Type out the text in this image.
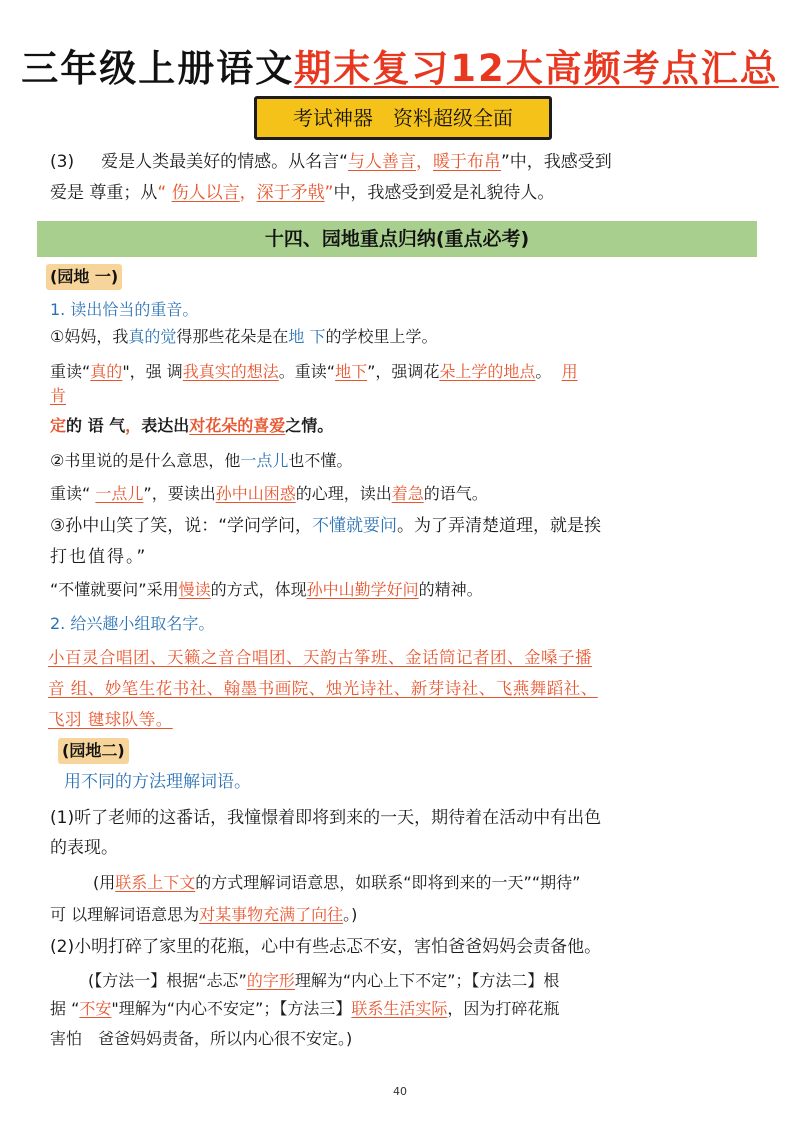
三年级上册语文期末复习12大高频考点汇总
考试神器　资料超级全面
(3) 爱是人类最美好的情感。从名言“与人善言，暖于布帛”中，我感受到
爱是 尊重；从“ 伤人以言，深于矛戟”中，我感受到爱是礼貌待人。
十四、园地重点归纳(重点必考)
(园地 一)
1. 读出恰当的重音。
①妈妈，我真的觉得那些花朵是在地 下的学校里上学。
重读“真的"，强 调我真实的想法。重读“地下”，强调花朵上学的地点。 用
肯
定的 语 气，表达出对花朵的喜爱之情。
②书里说的是什么意思，他一点儿也不懂。
重读“ 一点儿”，要读出孙中山困惑的心理，读出着急的语气。
③孙中山笑了笑，说：“学问学问，不懂就要问。为了弄清楚道理，就是挨
打也值得。”
“不懂就要问”采用慢读的方式，体现孙中山勤学好问的精神。
2. 给兴趣小组取名字。
小百灵合唱团、天籁之音合唱团、天韵古筝班、金话筒记者团、金嗓子播
音 组、妙笔生花书社、翰墨书画院、烛光诗社、新芽诗社、飞燕舞蹈社、
飞羽 毽球队等。
(园地二)
用不同的方法理解词语。
(1)听了老师的这番话，我憧憬着即将到来的一天，期待着在活动中有出色
的表现。
(用联系上下文的方式理解词语意思，如联系“即将到来的一天”“期待”
可 以理解词语意思为对某事物充满了向往。)
(2)小明打碎了家里的花瓶，心中有些忐忑不安，害怕爸爸妈妈会责备他。
(【方法一】根据“忐忑”的字形理解为“内心上下不定”；【方法二】根
据 “不安"理解为“内心不安定”；【方法三】联系生活实际，因为打碎花瓶
害怕　爸爸妈妈责备，所以内心很不安定。)
40
